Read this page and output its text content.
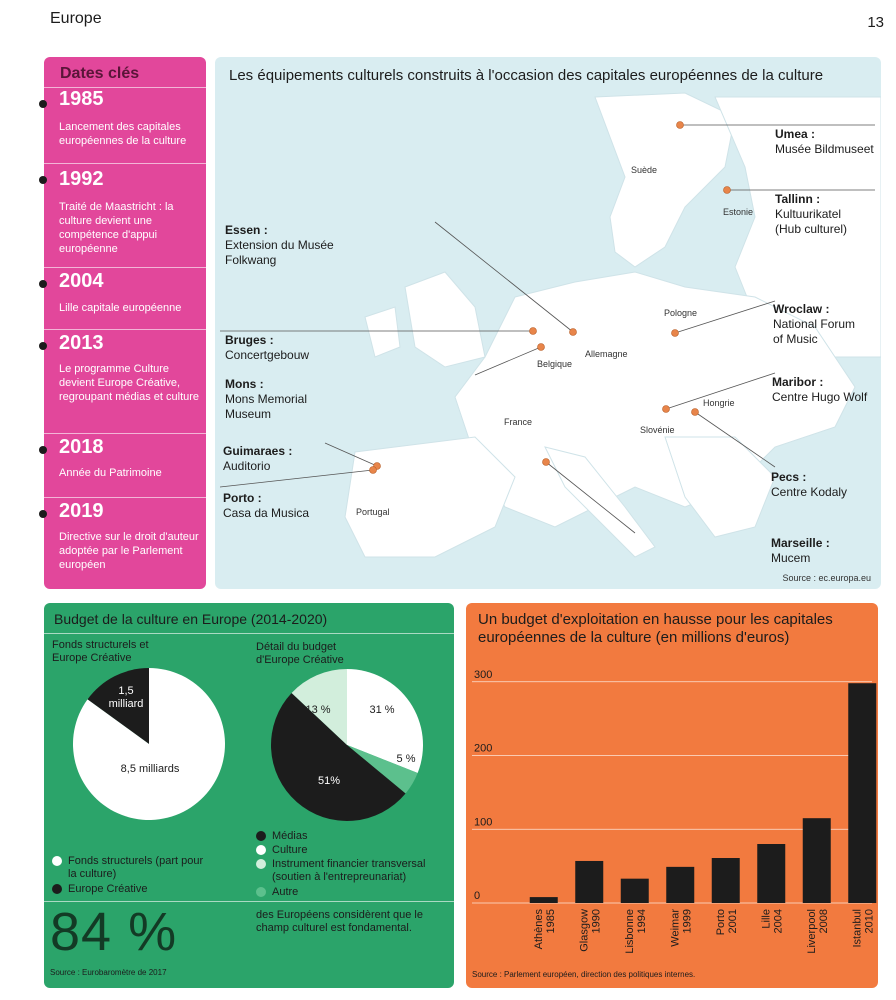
Europe	13
Dates clés
1985
Lancement des capitales européennes de la culture
1992
Traité de Maastricht : la culture devient une compétence d'appui européenne
2004
Lille capitale européenne
2013
Le programme Culture devient Europe Créative, regroupant médias et culture
2018
Année du Patrimoine
2019
Directive sur le droit d'auteur adoptée par le Parlement européen
Les équipements culturels construits à l'occasion des capitales européennes de la culture
Suède
Estonie
Pologne
Allemagne
Belgique
France
Hongrie
Slovénie
Portugal
Umea :
Musée Bildmuseet
Tallinn :
Kultuurikatel (Hub culturel)
Wroclaw :
National Forum of Music
Maribor :
Centre Hugo Wolf
Pecs :
Centre Kodaly
Marseille :
Mucem
Essen :
Extension du Musée Folkwang
Bruges :
Concertgebouw
Mons :
Mons Memorial Museum
Guimaraes :
Auditorio
Porto :
Casa da Musica
Source : ec.europa.eu
Budget de la culture en Europe (2014-2020)
Fonds structurels et Europe Créative
Détail du budget d'Europe Créative
1,5 milliard
8,5 milliards
13 %	31 %
5 %
51%
Fonds structurels (part pour la culture)
Europe Créative
Médias
Culture
Instrument financier transversal (soutien à l'entrepreunariat)
Autre
84 %	des Européens considèrent que le champ culturel est fondamental.
Source : Eurobaromètre de 2017
Un budget d'exploitation en hausse pour les capitales européennes de la culture (en millions d'euros)
0
100
200
300
Athènes 1985 Glasgow 1990 Lisbonne 1994 Weimar 1999 Porto 2001 Lille 2004 Liverpool 2008 Istanbul 2010
Source : Parlement européen, direction des politiques internes.
